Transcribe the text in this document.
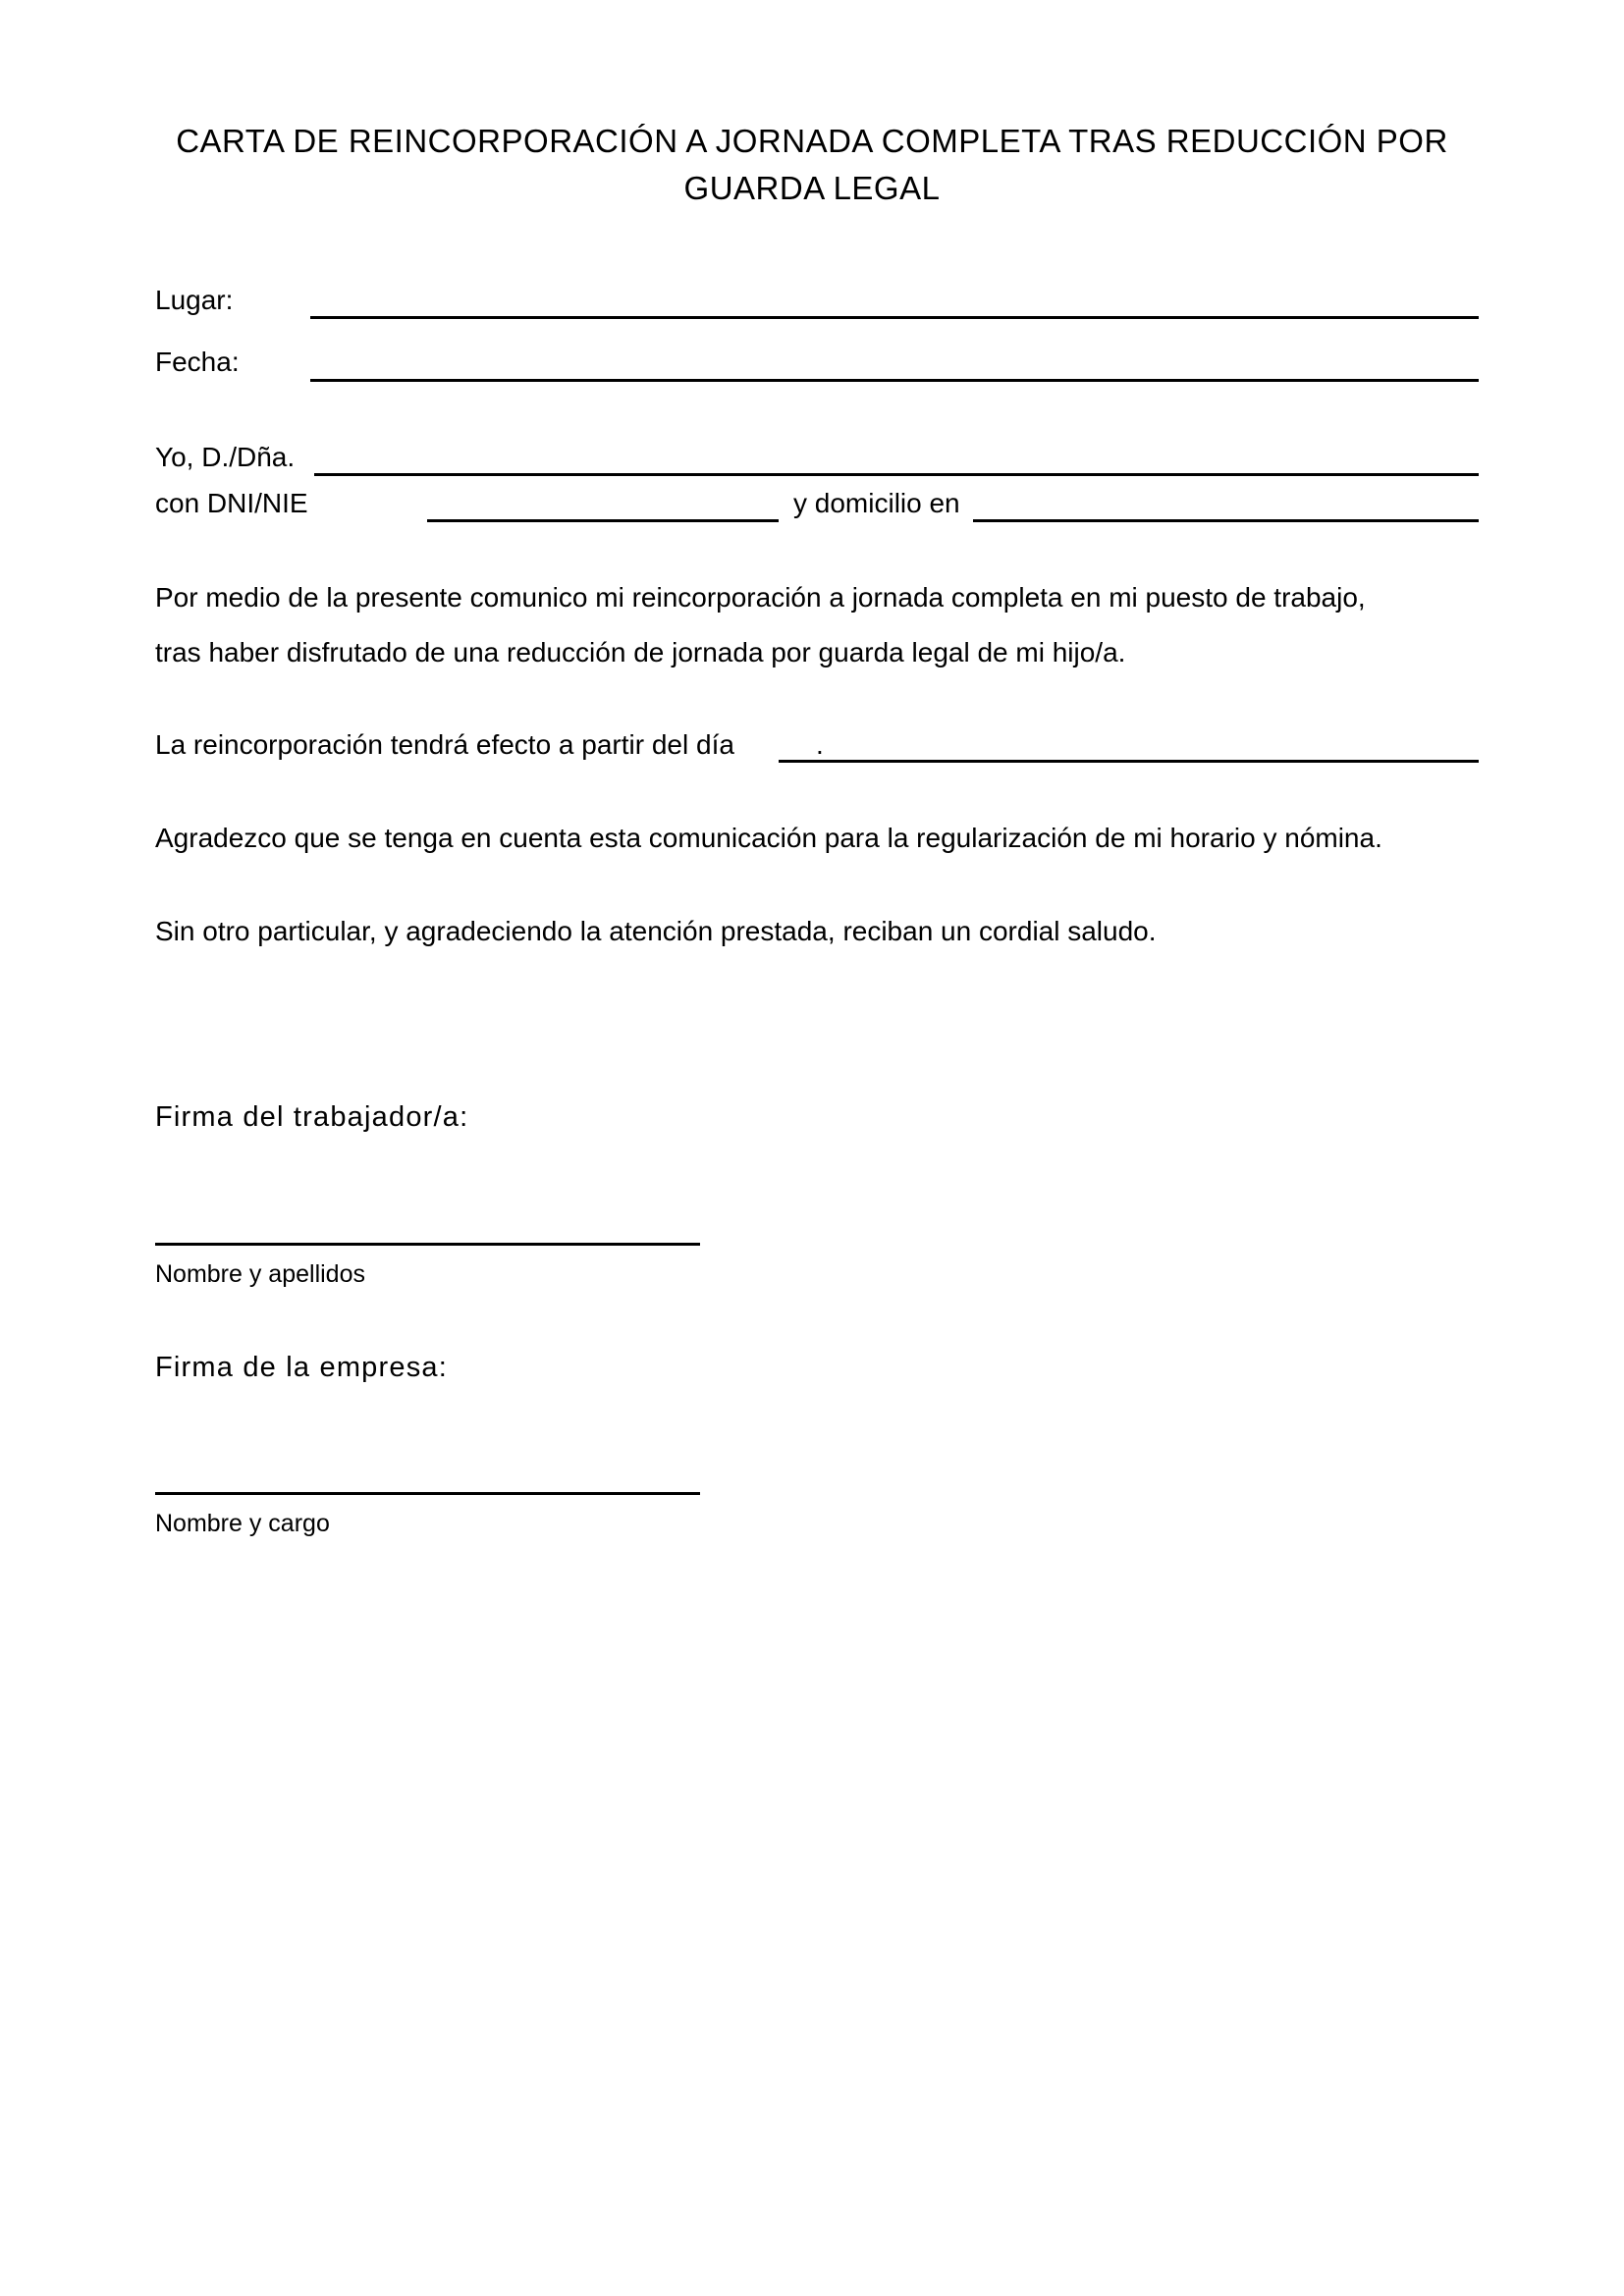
CARTA DE REINCORPORACIÓN A JORNADA COMPLETA TRAS REDUCCIÓN POR
GUARDA LEGAL
Lugar:
Fecha:
Yo, D./Dña.
con DNI/NIE	y domicilio en
Por medio de la presente comunico mi reincorporación a jornada completa en mi puesto de trabajo,
tras haber disfrutado de una reducción de jornada por guarda legal de mi hijo/a.
La reincorporación tendrá efecto a partir del día	.
Agradezco que se tenga en cuenta esta comunicación para la regularización de mi horario y nómina.
Sin otro particular, y agradeciendo la atención prestada, reciban un cordial saludo.
Firma del trabajador/a:
Nombre y apellidos
Firma de la empresa:
Nombre y cargo
